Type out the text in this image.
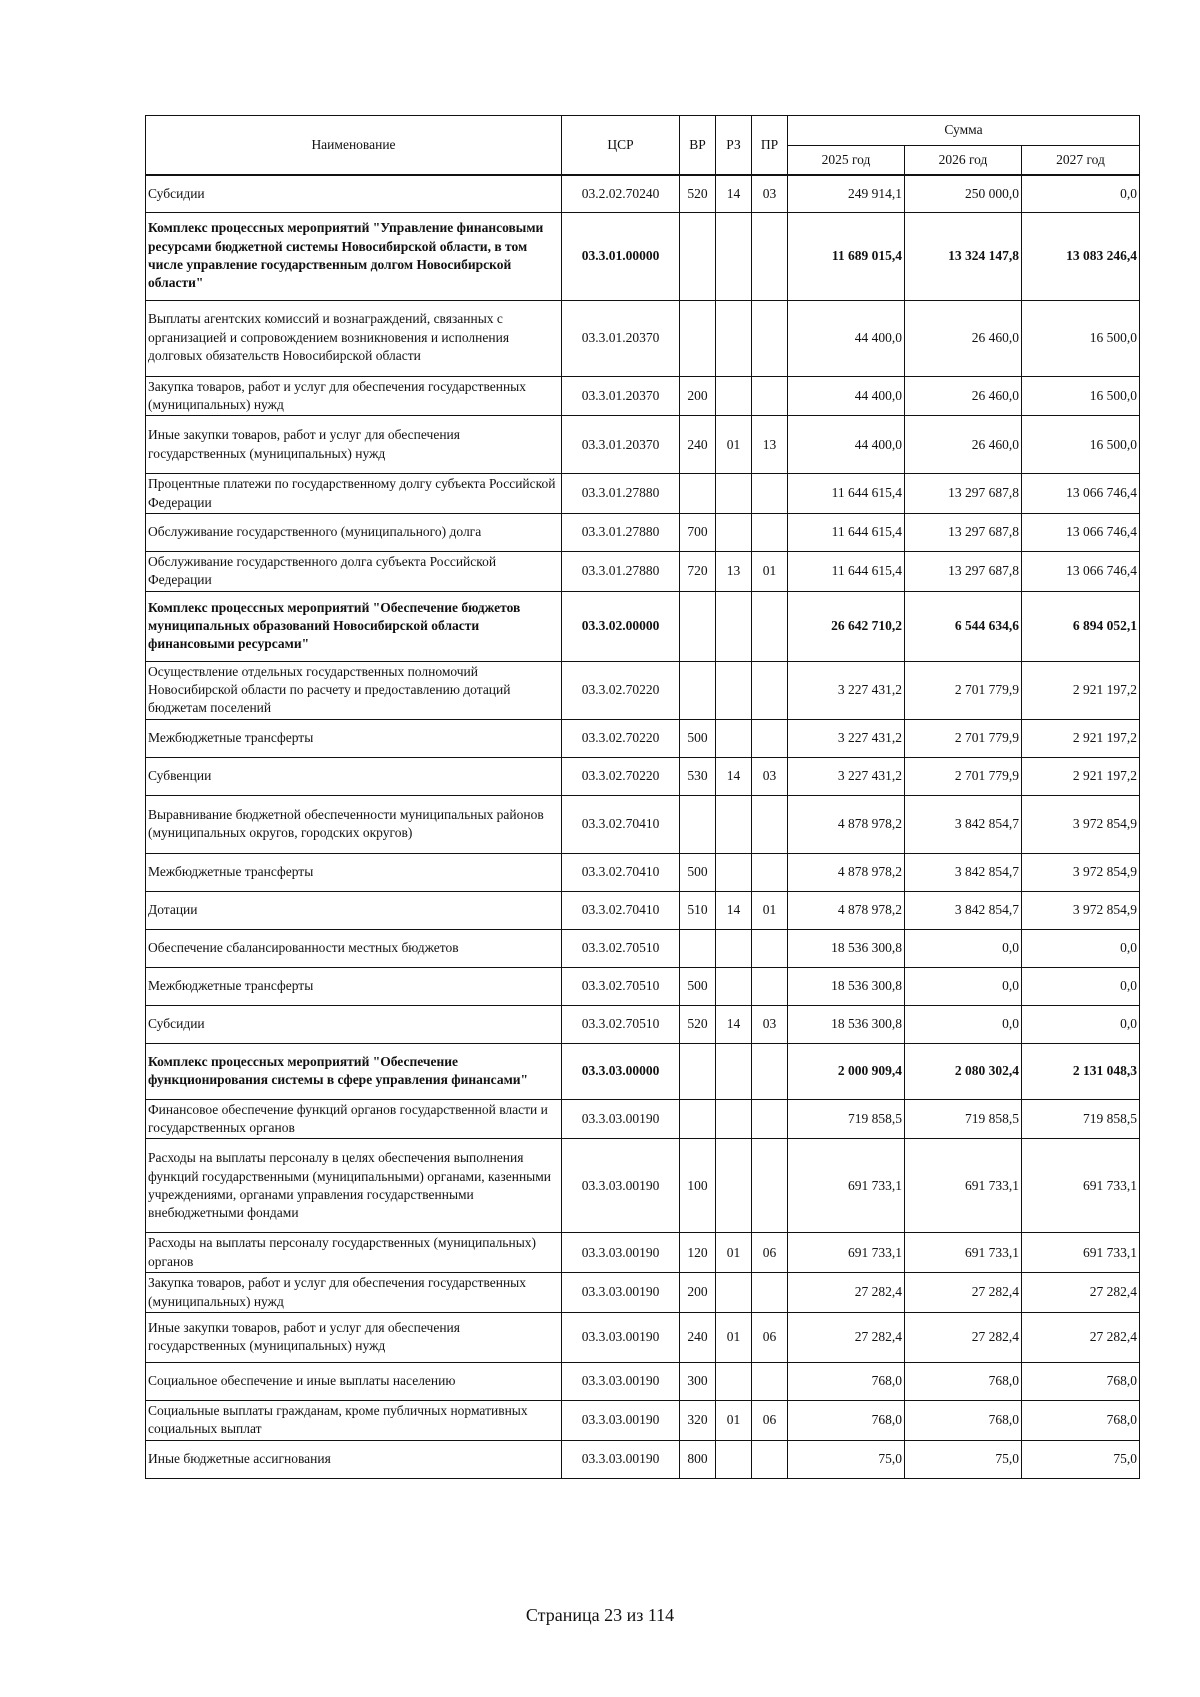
Наименование	ЦСР	ВР	РЗ	ПР	Сумма		
					2025 год	2026 год	2027 год
Субсидии	03.2.02.70240	520	14	03	249 914,1	250 000,0	0,0
Комплекс процессных мероприятий "Управление финансовыми ресурсами бюджетной системы Новосибирской области, в том числе управление государственным долгом Новосибирской области"	03.3.01.00000				11 689 015,4	13 324 147,8	13 083 246,4
Выплаты агентских комиссий и вознаграждений, связанных с организацией и сопровождением возникновения и исполнения долговых обязательств Новосибирской области	03.3.01.20370				44 400,0	26 460,0	16 500,0
Закупка товаров, работ и услуг для обеспечения государственных (муниципальных) нужд	03.3.01.20370	200			44 400,0	26 460,0	16 500,0
Иные закупки товаров, работ и услуг для обеспечения государственных (муниципальных) нужд	03.3.01.20370	240	01	13	44 400,0	26 460,0	16 500,0
Процентные платежи по государственному долгу субъекта Российской Федерации	03.3.01.27880				11 644 615,4	13 297 687,8	13 066 746,4
Обслуживание государственного (муниципального) долга	03.3.01.27880	700			11 644 615,4	13 297 687,8	13 066 746,4
Обслуживание государственного долга субъекта Российской Федерации	03.3.01.27880	720	13	01	11 644 615,4	13 297 687,8	13 066 746,4
Комплекс процессных мероприятий "Обеспечение бюджетов муниципальных образований Новосибирской области финансовыми ресурсами"	03.3.02.00000				26 642 710,2	6 544 634,6	6 894 052,1
Осуществление отдельных государственных полномочий Новосибирской области по расчету и предоставлению дотаций бюджетам поселений	03.3.02.70220				3 227 431,2	2 701 779,9	2 921 197,2
Межбюджетные трансферты	03.3.02.70220	500			3 227 431,2	2 701 779,9	2 921 197,2
Субвенции	03.3.02.70220	530	14	03	3 227 431,2	2 701 779,9	2 921 197,2
Выравнивание бюджетной обеспеченности муниципальных районов (муниципальных округов, городских округов)	03.3.02.70410				4 878 978,2	3 842 854,7	3 972 854,9
Межбюджетные трансферты	03.3.02.70410	500			4 878 978,2	3 842 854,7	3 972 854,9
Дотации	03.3.02.70410	510	14	01	4 878 978,2	3 842 854,7	3 972 854,9
Обеспечение сбалансированности местных бюджетов	03.3.02.70510				18 536 300,8	0,0	0,0
Межбюджетные трансферты	03.3.02.70510	500			18 536 300,8	0,0	0,0
Субсидии	03.3.02.70510	520	14	03	18 536 300,8	0,0	0,0
Комплекс процессных мероприятий "Обеспечение функционирования системы в сфере управления финансами"	03.3.03.00000				2 000 909,4	2 080 302,4	2 131 048,3
Финансовое обеспечение функций органов государственной власти и государственных органов	03.3.03.00190				719 858,5	719 858,5	719 858,5
Расходы на выплаты персоналу в целях обеспечения выполнения функций государственными (муниципальными) органами, казенными учреждениями, органами управления государственными внебюджетными фондами	03.3.03.00190	100			691 733,1	691 733,1	691 733,1
Расходы на выплаты персоналу государственных (муниципальных) органов	03.3.03.00190	120	01	06	691 733,1	691 733,1	691 733,1
Закупка товаров, работ и услуг для обеспечения государственных (муниципальных) нужд	03.3.03.00190	200			27 282,4	27 282,4	27 282,4
Иные закупки товаров, работ и услуг для обеспечения государственных (муниципальных) нужд	03.3.03.00190	240	01	06	27 282,4	27 282,4	27 282,4
Социальное обеспечение и иные выплаты населению	03.3.03.00190	300			768,0	768,0	768,0
Социальные выплаты гражданам, кроме публичных нормативных социальных выплат	03.3.03.00190	320	01	06	768,0	768,0	768,0
Иные бюджетные ассигнования	03.3.03.00190	800			75,0	75,0	75,0
Страница 23 из 114
